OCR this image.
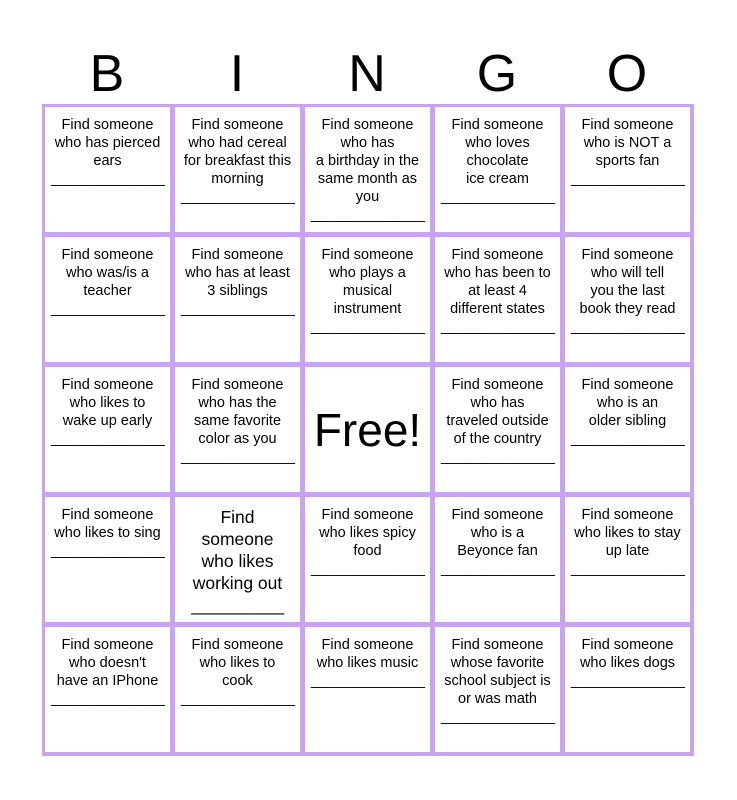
B	I	N	G	O
Find someone
who has pierced
ears
_______________
Find someone
who had cereal
for breakfast this
morning
_______________
Find someone
who has
a birthday in the
same month as
you
_______________
Find someone
who loves
chocolate
ice cream
_______________
Find someone
who is NOT a
sports fan
_______________
Find someone
who was/is a
teacher
_______________
Find someone
who has at least
3 siblings
_______________
Find someone
who plays a
musical
instrument
_______________
Find someone
who has been to
at least 4
different states
_______________
Find someone
who will tell
you the last
book they read
_______________
Find someone
who likes to
wake up early
_______________
Find someone
who has the
same favorite
color as you
_______________
Free!
Find someone
who has
traveled outside
of the country
_______________
Find someone
who is an
older sibling
_______________
Find someone
who likes to sing
_______________
Find
someone
who likes
working out
__________
Find someone
who likes spicy
food
_______________
Find someone
who is a
Beyonce fan
_______________
Find someone
who likes to stay
up late
_______________
Find someone
who doesn't
have an IPhone
_______________
Find someone
who likes to
cook
_______________
Find someone
who likes music
_______________
Find someone
whose favorite
school subject is
or was math
_______________
Find someone
who likes dogs
_______________
